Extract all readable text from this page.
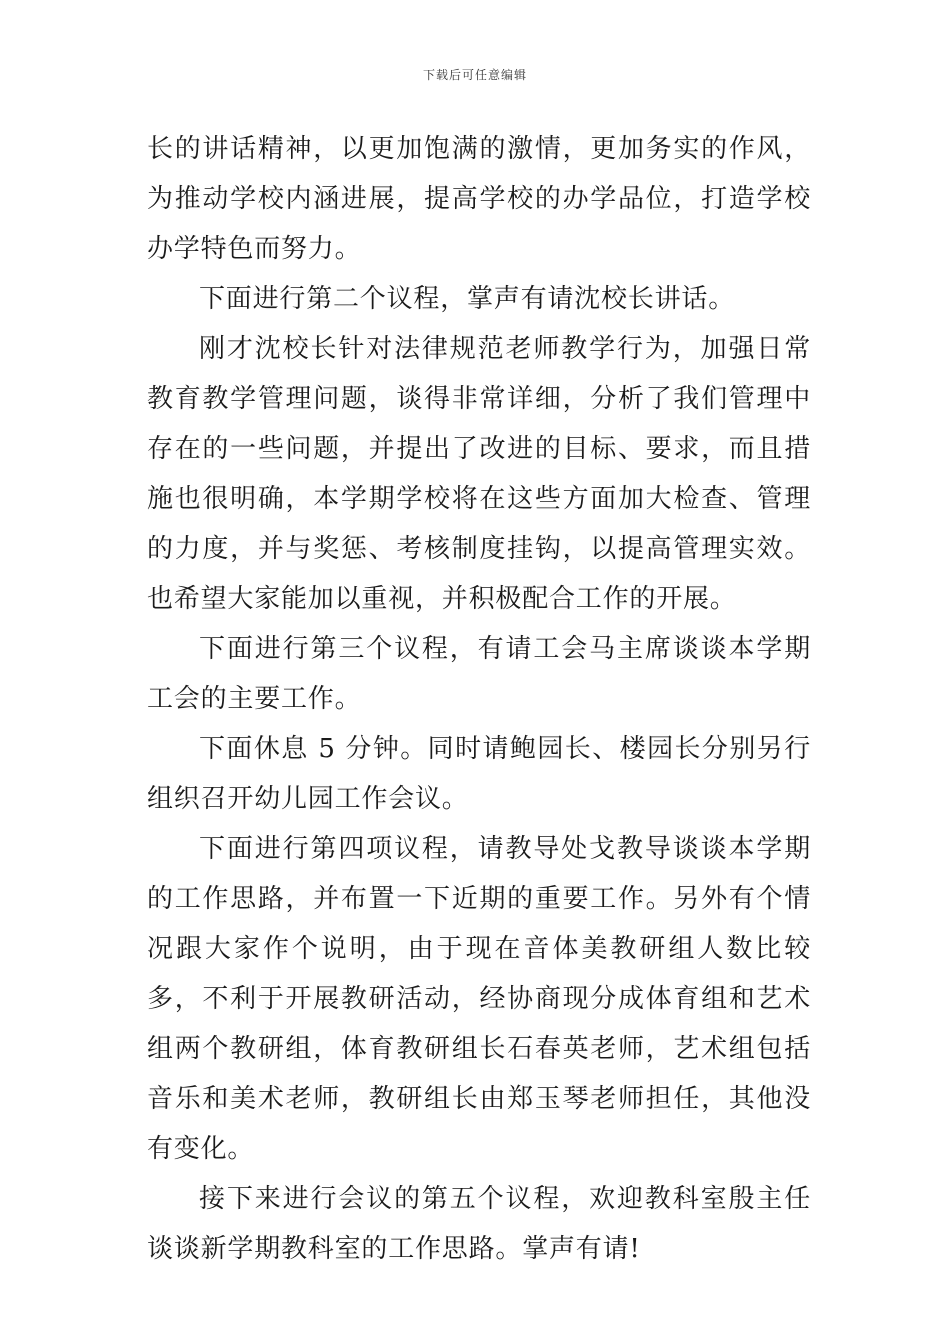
下载后可任意编辑

长的讲话精神，以更加饱满的激情，更加务实的作风，为推动学校内涵进展，提高学校的办学品位，打造学校办学特色而努力。

下面进行第二个议程，掌声有请沈校长讲话。

刚才沈校长针对法律规范老师教学行为，加强日常教育教学管理问题，谈得非常详细，分析了我们管理中存在的一些问题，并提出了改进的目标、要求，而且措施也很明确，本学期学校将在这些方面加大检查、管理的力度，并与奖惩、考核制度挂钩，以提高管理实效。也希望大家能加以重视，并积极配合工作的开展。

下面进行第三个议程，有请工会马主席谈谈本学期工会的主要工作。

下面休息 5 分钟。同时请鲍园长、楼园长分别另行组织召开幼儿园工作会议。

下面进行第四项议程，请教导处戈教导谈谈本学期的工作思路，并布置一下近期的重要工作。另外有个情况跟大家作个说明，由于现在音体美教研组人数比较多，不利于开展教研活动，经协商现分成体育组和艺术组两个教研组，体育教研组长石春英老师，艺术组包括音乐和美术老师，教研组长由郑玉琴老师担任，其他没有变化。

接下来进行会议的第五个议程，欢迎教科室殷主任谈谈新学期教科室的工作思路。掌声有请!
